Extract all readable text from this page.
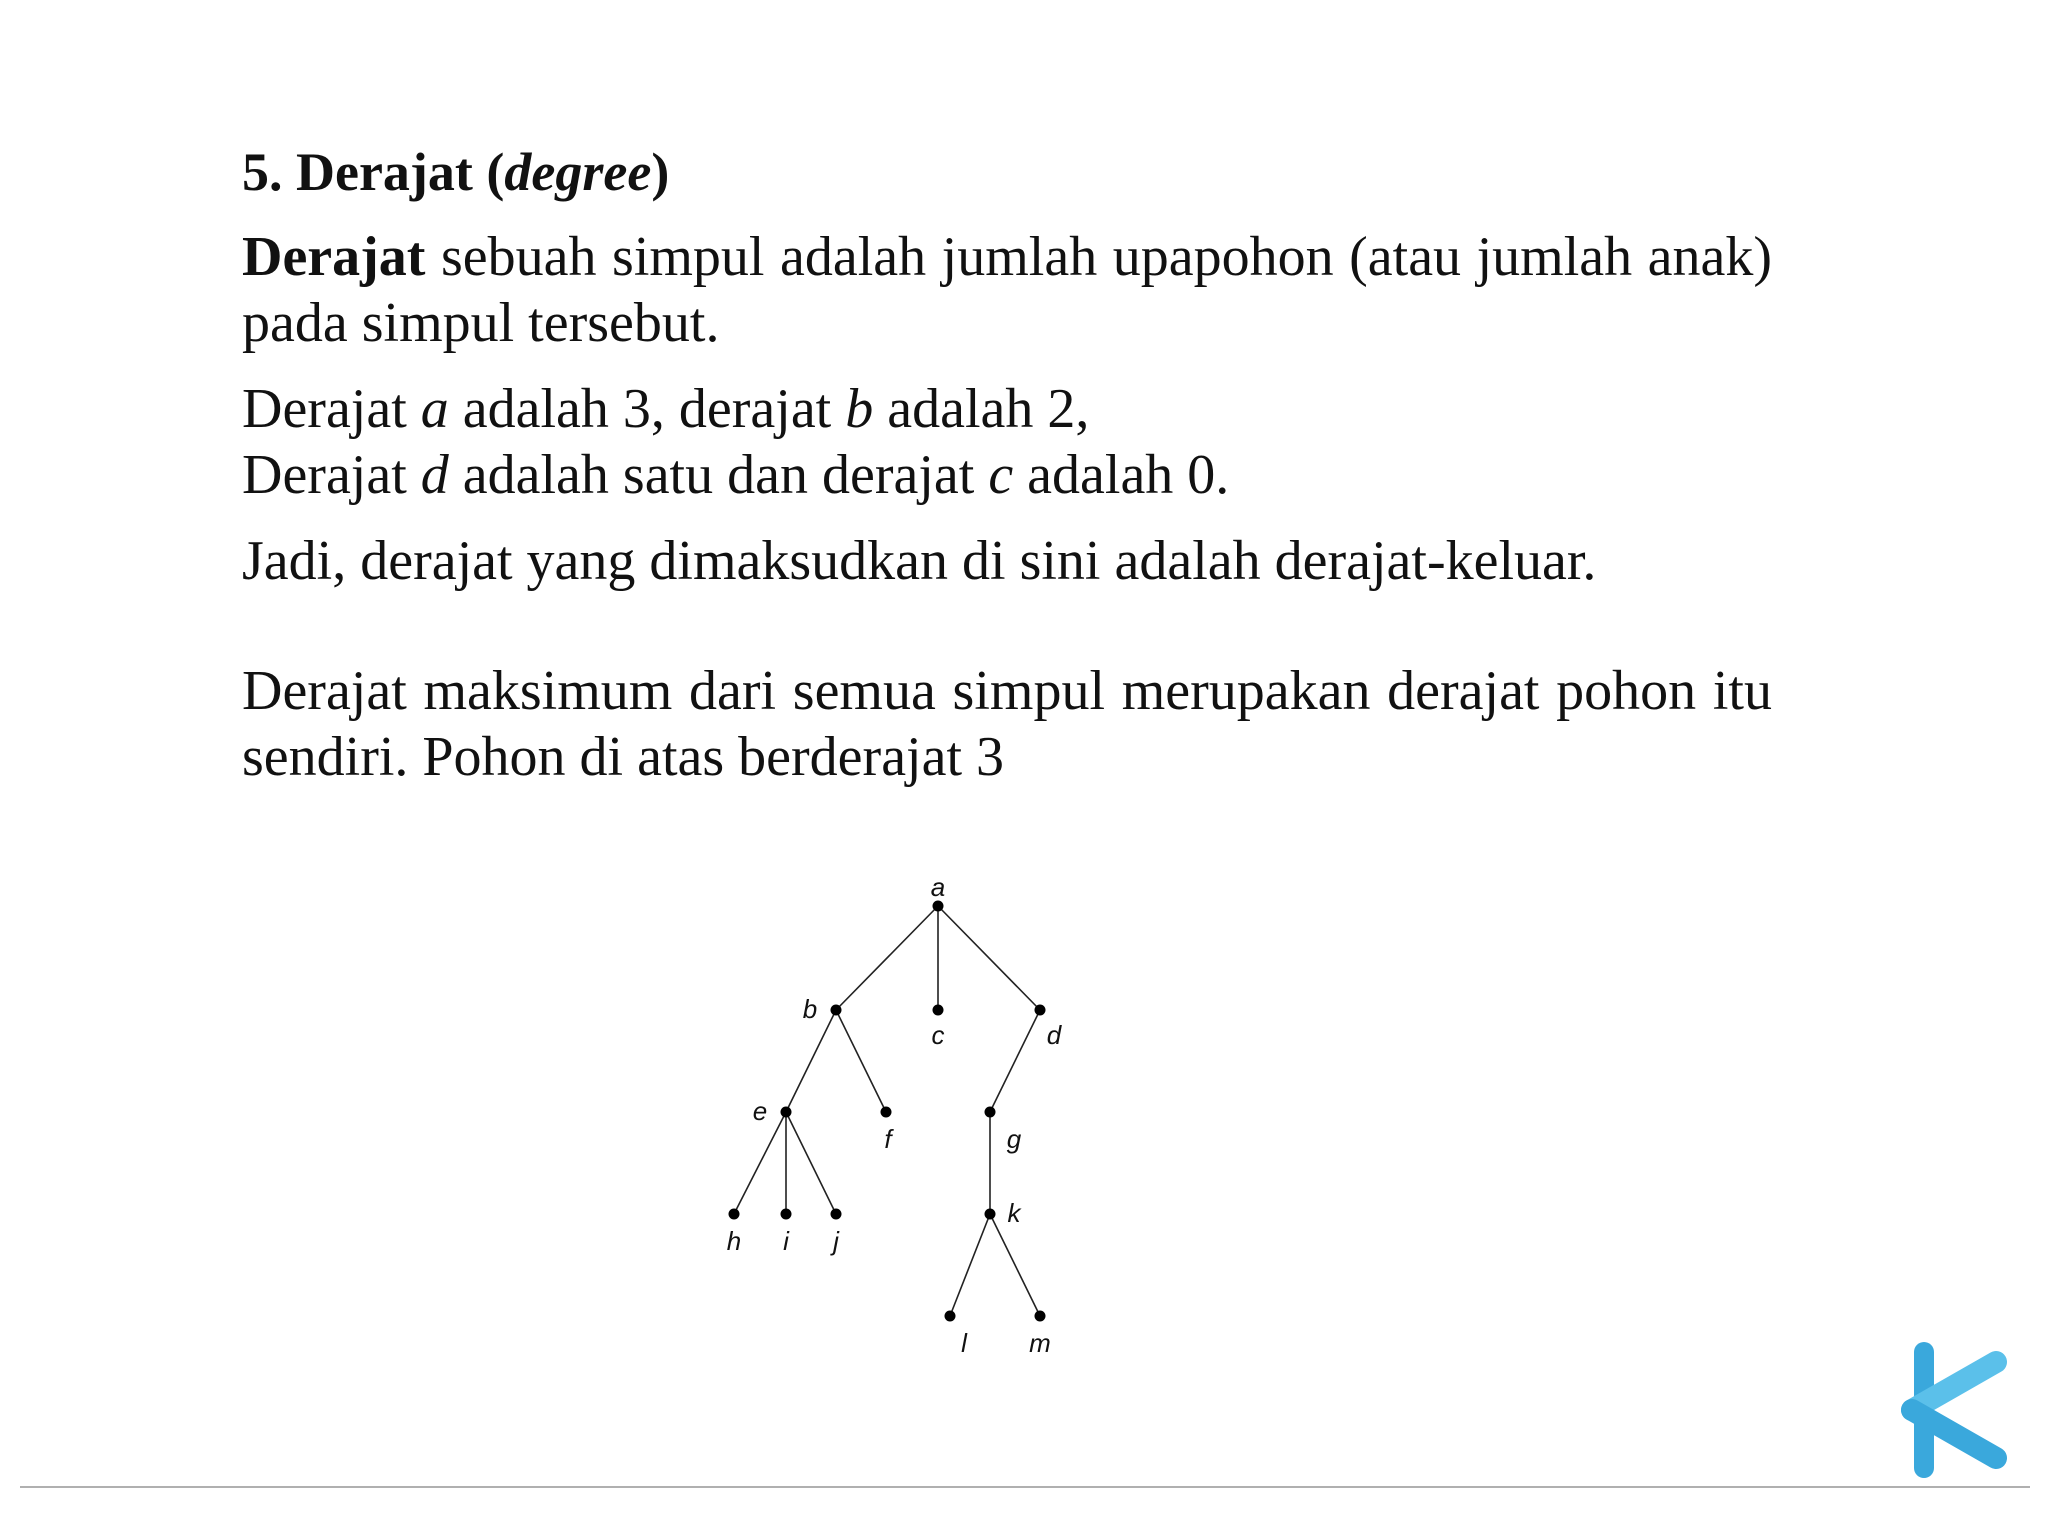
5. Derajat (degree)

Derajat sebuah simpul adalah jumlah upapohon (atau jumlah anak) pada simpul tersebut.

Derajat a adalah 3, derajat b adalah 2,
Derajat d adalah satu dan derajat c adalah 0.

Jadi, derajat yang dimaksudkan di sini adalah derajat-keluar.

Derajat maksimum dari semua simpul merupakan derajat pohon itu sendiri. Pohon di atas berderajat 3

a
b
c	d
e
f	g
h i j
k
l m
